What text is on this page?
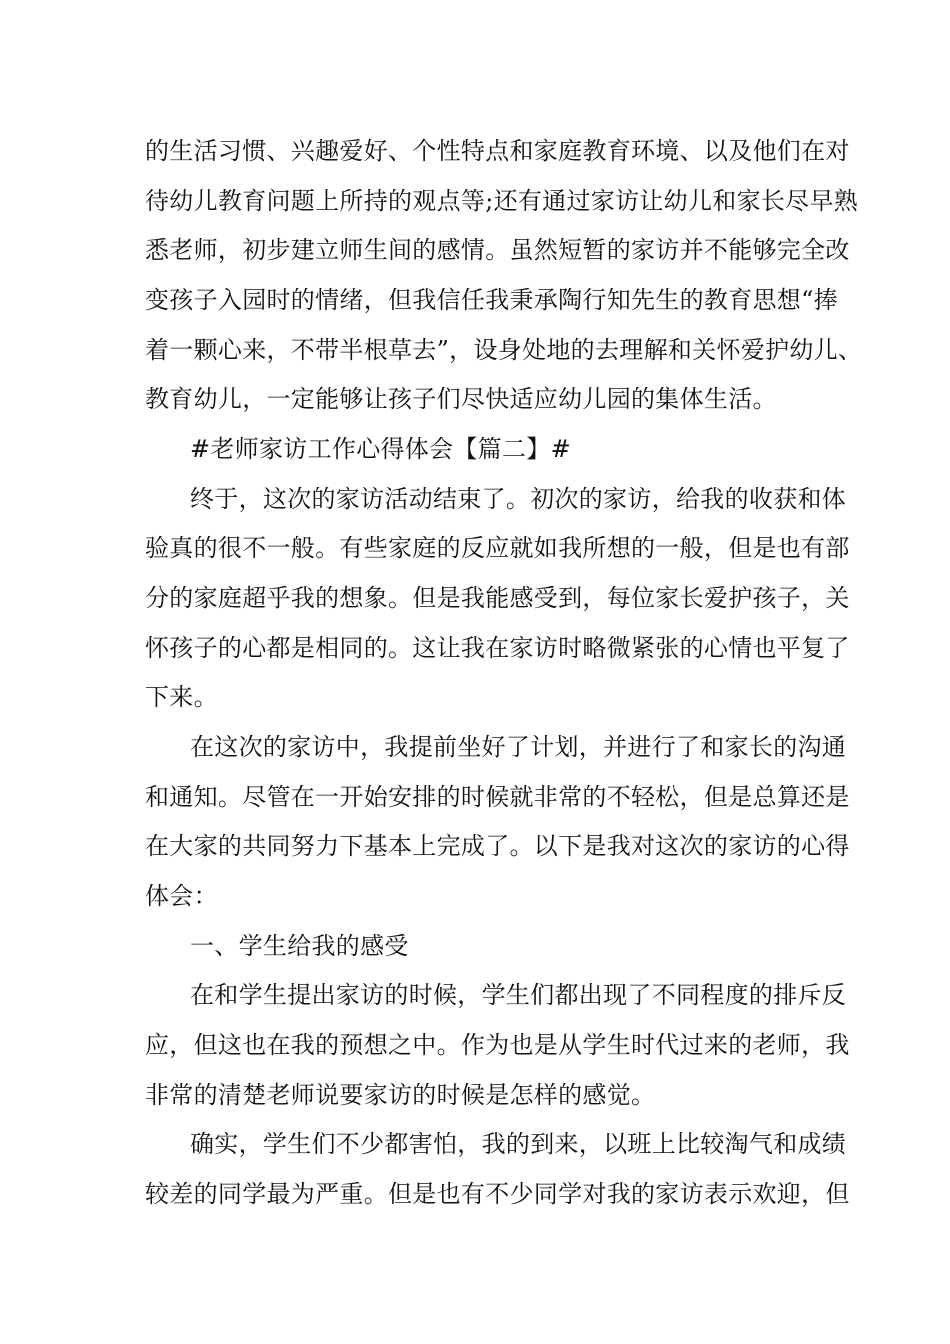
的生活习惯、兴趣爱好、个性特点和家庭教育环境、以及他们在对
待幼儿教育问题上所持的观点等;还有通过家访让幼儿和家长尽早熟
悉老师，初步建立师生间的感情。虽然短暂的家访并不能够完全改
变孩子入园时的情绪，但我信任我秉承陶行知先生的教育思想“捧
着一颗心来，不带半根草去”，设身处地的去理解和关怀爱护幼儿、
教育幼儿，一定能够让孩子们尽快适应幼儿园的集体生活。
#老师家访工作心得体会【篇二】#
终于，这次的家访活动结束了。初次的家访，给我的收获和体
验真的很不一般。有些家庭的反应就如我所想的一般，但是也有部
分的家庭超乎我的想象。但是我能感受到，每位家长爱护孩子，关
怀孩子的心都是相同的。这让我在家访时略微紧张的心情也平复了
下来。
在这次的家访中，我提前坐好了计划，并进行了和家长的沟通
和通知。尽管在一开始安排的时候就非常的不轻松，但是总算还是
在大家的共同努力下基本上完成了。以下是我对这次的家访的心得
体会：
一、学生给我的感受
在和学生提出家访的时候，学生们都出现了不同程度的排斥反
应，但这也在我的预想之中。作为也是从学生时代过来的老师，我
非常的清楚老师说要家访的时候是怎样的感觉。
确实，学生们不少都害怕，我的到来，以班上比较淘气和成绩
较差的同学最为严重。但是也有不少同学对我的家访表示欢迎，但
